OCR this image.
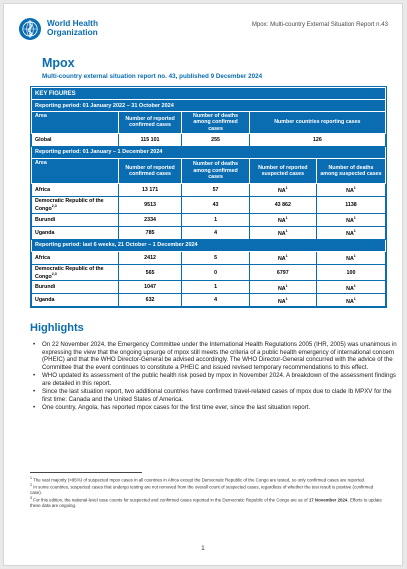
World Health
Organization
Mpox: Multi-country External Situation Report n.43
Mpox
Multi-country external situation report no. 43, published 9 December 2024
KEY FIGURES				
Reporting period: 01 January 2022 – 31 October 2024				
Area	Number of reported confirmed cases	Number of deaths among confirmed cases	Number countries reporting cases	
Global	115 101	255	126	
Reporting period: 01 January – 1 December 2024				
Area	Number of reported confirmed cases	Number of deaths among confirmed cases	Number of reported suspected cases	Number of deaths among suspected cases
Africa	13 171	57	$NA^1$	$NA^1$
Democratic Republic of the Congo$^{2,3}$	9513	43	43 862	1138
Burundi	2334	1	$NA^1$	$NA^1$
Uganda	785	4	$NA^1$	$NA^1$
Reporting period: last 6 weeks, 21 October – 1 December 2024				
Africa	2412	5	$NA^1$	$NA^1$
Democratic Republic of the Congo$^{2,3}$	565	0	6797	100
Burundi	1047	1	$NA^1$	$NA^1$
Uganda	632	4	$NA^1$	$NA^1$
Highlights
• On 22 November 2024, the Emergency Committee under the International Health Regulations 2005 (IHR, 2005) was unanimous in expressing the view that the ongoing upsurge of mpox still meets the criteria of a public health emergency of international concern (PHEIC) and that the WHO Director-General be advised accordingly. The WHO Director-General concurred with the advice of the Committee that the event continues to constitute a PHEIC and issued revised temporary recommendations to this effect.
• WHO updated its assessment of the public health risk posed by mpox in November 2024. A breakdown of the assessment findings are detailed in this report.
• Since the last situation report, two additional countries have confirmed travel-related cases of mpox due to clade Ib MPXV for the first time: Canada and the United States of America.
• One country, Angola, has reported mpox cases for the first time ever, since the last situation report.

$^1$ The vast majority (>95%) of suspected mpox cases in all countries in Africa except the Democratic Republic of the Congo are tested, so only confirmed cases are reported.

$^2$ In some countries, suspected cases that undergo testing are not removed from the overall count of suspected cases, regardless of whether the test result is positive (confirmed case).

$^3$ For this edition, the national-level case counts for suspected and confirmed cases reported in the Democratic Republic of the Congo are as of 17 November 2024. Efforts to update these data are ongoing.

1
